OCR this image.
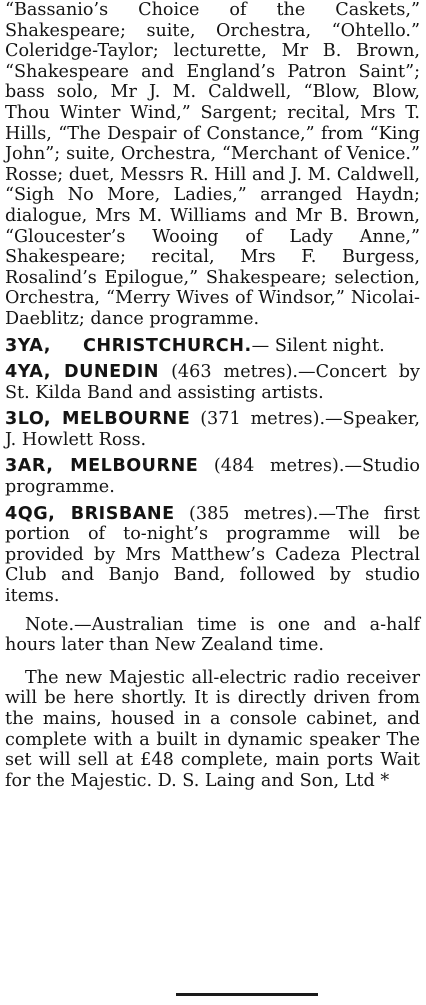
“Bassanio’s Choice of the Caskets,” Shakespeare; suite, Orchestra, “Ohtello.” Coleridge-Taylor; lecturette, Mr B. Brown, “Shakespeare and England’s Patron Saint”; bass solo, Mr J. M. Caldwell, “Blow, Blow, Thou Winter Wind,” Sargent; recital, Mrs T. Hills, “The Despair of Constance,” from “King John”; suite, Orchestra, “Merchant of Venice.” Rosse; duet, Messrs R. Hill and J. M. Caldwell, “Sigh No More, Ladies,” arranged Haydn; dialogue, Mrs M. Williams and Mr B. Brown, “Gloucester’s Wooing of Lady Anne,” Shakespeare; recital, Mrs F. Burgess, Rosalind’s Epilogue,” Shakespeare; selection, Orchestra, “Merry Wives of Windsor,” Nicolai-Daeblitz; dance programme.

3YA, CHRISTCHURCH.— Silent night.

4YA, DUNEDIN (463 metres).—Concert by St. Kilda Band and assisting artists.

3LO, MELBOURNE (371 metres).—Speaker, J. Howlett Ross.

3AR, MELBOURNE (484 metres).—Studio programme.

4QG, BRISBANE (385 metres).—The first portion of to-night’s programme will be provided by Mrs Matthew’s Cadeza Plectral Club and Banjo Band, followed by studio items.

Note.—Australian time is one and a-half hours later than New Zealand time.

The new Majestic all-electric radio receiver will be here shortly. It is directly driven from the mains, housed in a console cabinet, and complete with a built in dynamic speaker The set will sell at £48 complete, main ports Wait for the Majestic. D. S. Laing and Son, Ltd *
